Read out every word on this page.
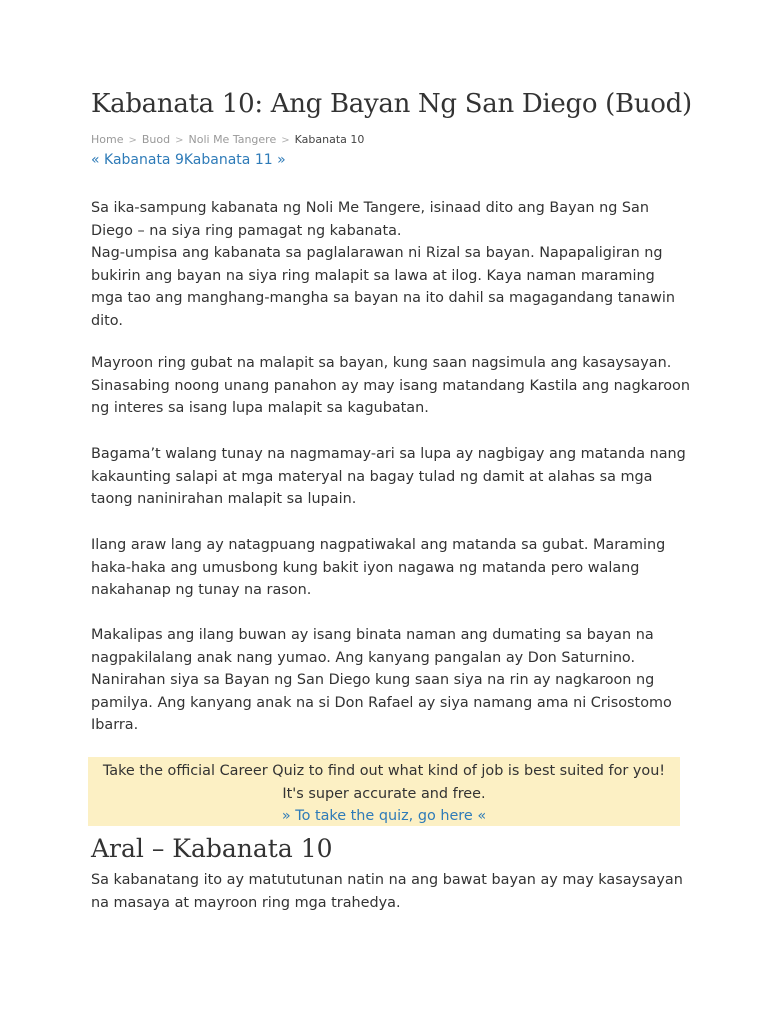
Kabanata 10: Ang Bayan Ng San Diego (Buod)
Home > Buod > Noli Me Tangere > Kabanata 10
« Kabanata 9Kabanata 11 »

Sa ika-sampung kabanata ng Noli Me Tangere, isinaad dito ang Bayan ng San Diego – na siya ring pamagat ng kabanata.

Nag-umpisa ang kabanata sa paglalarawan ni Rizal sa bayan. Napapaligiran ng bukirin ang bayan na siya ring malapit sa lawa at ilog. Kaya naman maraming mga tao ang manghang-mangha sa bayan na ito dahil sa magagandang tanawin dito.

Mayroon ring gubat na malapit sa bayan, kung saan nagsimula ang kasaysayan. Sinasabing noong unang panahon ay may isang matandang Kastila ang nagkaroon ng interes sa isang lupa malapit sa kagubatan.

Bagama’t walang tunay na nagmamay-ari sa lupa ay nagbigay ang matanda nang kakaunting salapi at mga materyal na bagay tulad ng damit at alahas sa mga taong naninirahan malapit sa lupain.

Ilang araw lang ay natagpuang nagpatiwakal ang matanda sa gubat. Maraming haka-haka ang umusbong kung bakit iyon nagawa ng matanda pero walang nakahanap ng tunay na rason.

Makalipas ang ilang buwan ay isang binata naman ang dumating sa bayan na nagpakilalang anak nang yumao. Ang kanyang pangalan ay Don Saturnino. Nanirahan siya sa Bayan ng San Diego kung saan siya na rin ay nagkaroon ng pamilya. Ang kanyang anak na si Don Rafael ay siya namang ama ni Crisostomo Ibarra.

Take the official Career Quiz to find out what kind of job is best suited for you!
It's super accurate and free.
» To take the quiz, go here «
Aral – Kabanata 10

Sa kabanatang ito ay matututunan natin na ang bawat bayan ay may kasaysayan na masaya at mayroon ring mga trahedya.
